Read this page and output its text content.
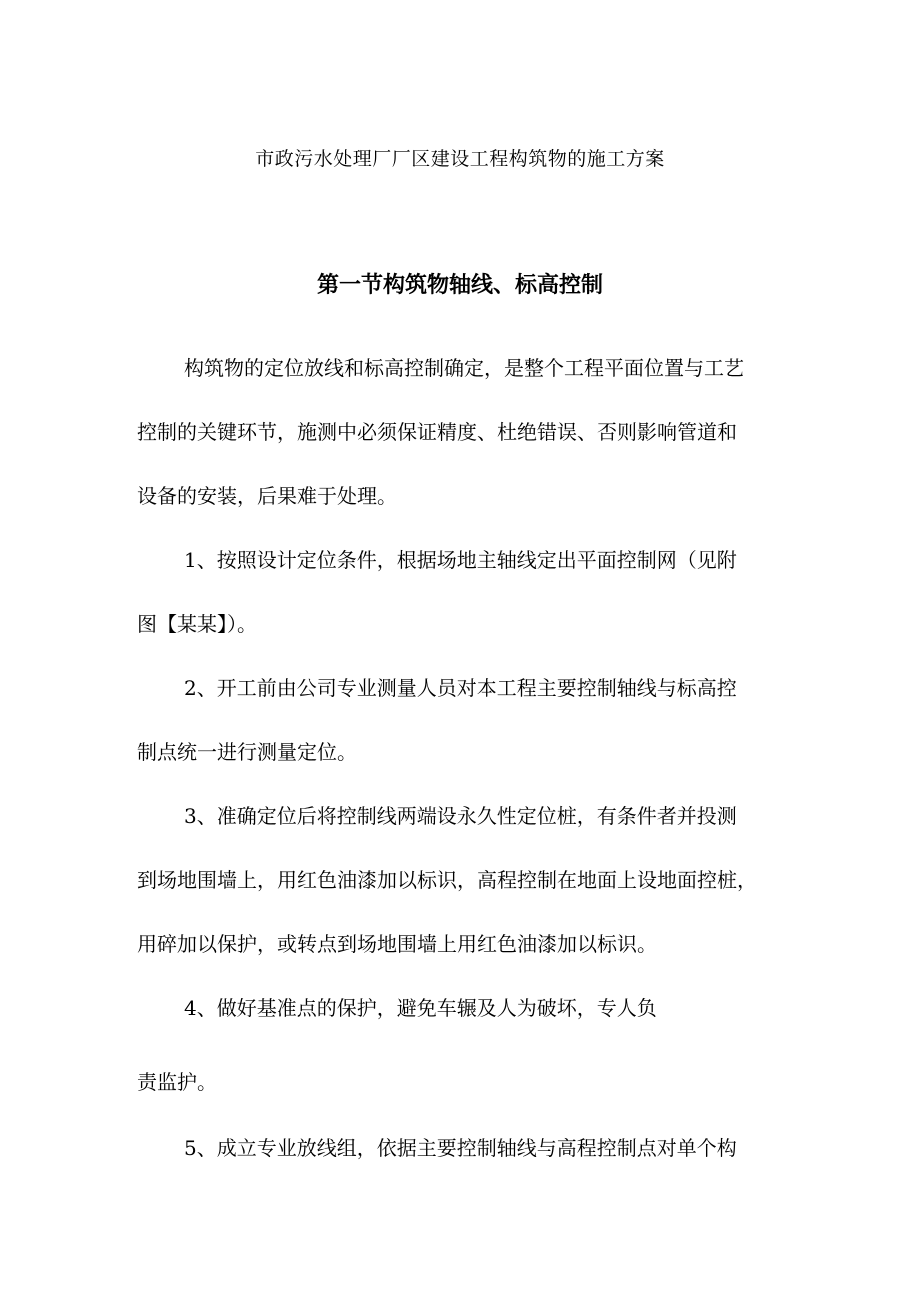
市政污水处理厂厂区建设工程构筑物的施工方案
第一节构筑物轴线、标高控制
构筑物的定位放线和标高控制确定，是整个工程平面位置与工艺
控制的关键环节，施测中必须保证精度、杜绝错误、否则影响管道和
设备的安装，后果难于处理。
1、按照设计定位条件，根据场地主轴线定出平面控制网（见附
图【某某】）。
2、开工前由公司专业测量人员对本工程主要控制轴线与标高控
制点统一进行测量定位。
3、准确定位后将控制线两端设永久性定位桩，有条件者并投测
到场地围墙上，用红色油漆加以标识，高程控制在地面上设地面控桩，
用碎加以保护，或转点到场地围墙上用红色油漆加以标识。
4、做好基准点的保护，避免车辗及人为破坏，专人负
责监护。
5、成立专业放线组，依据主要控制轴线与高程控制点对单个构
